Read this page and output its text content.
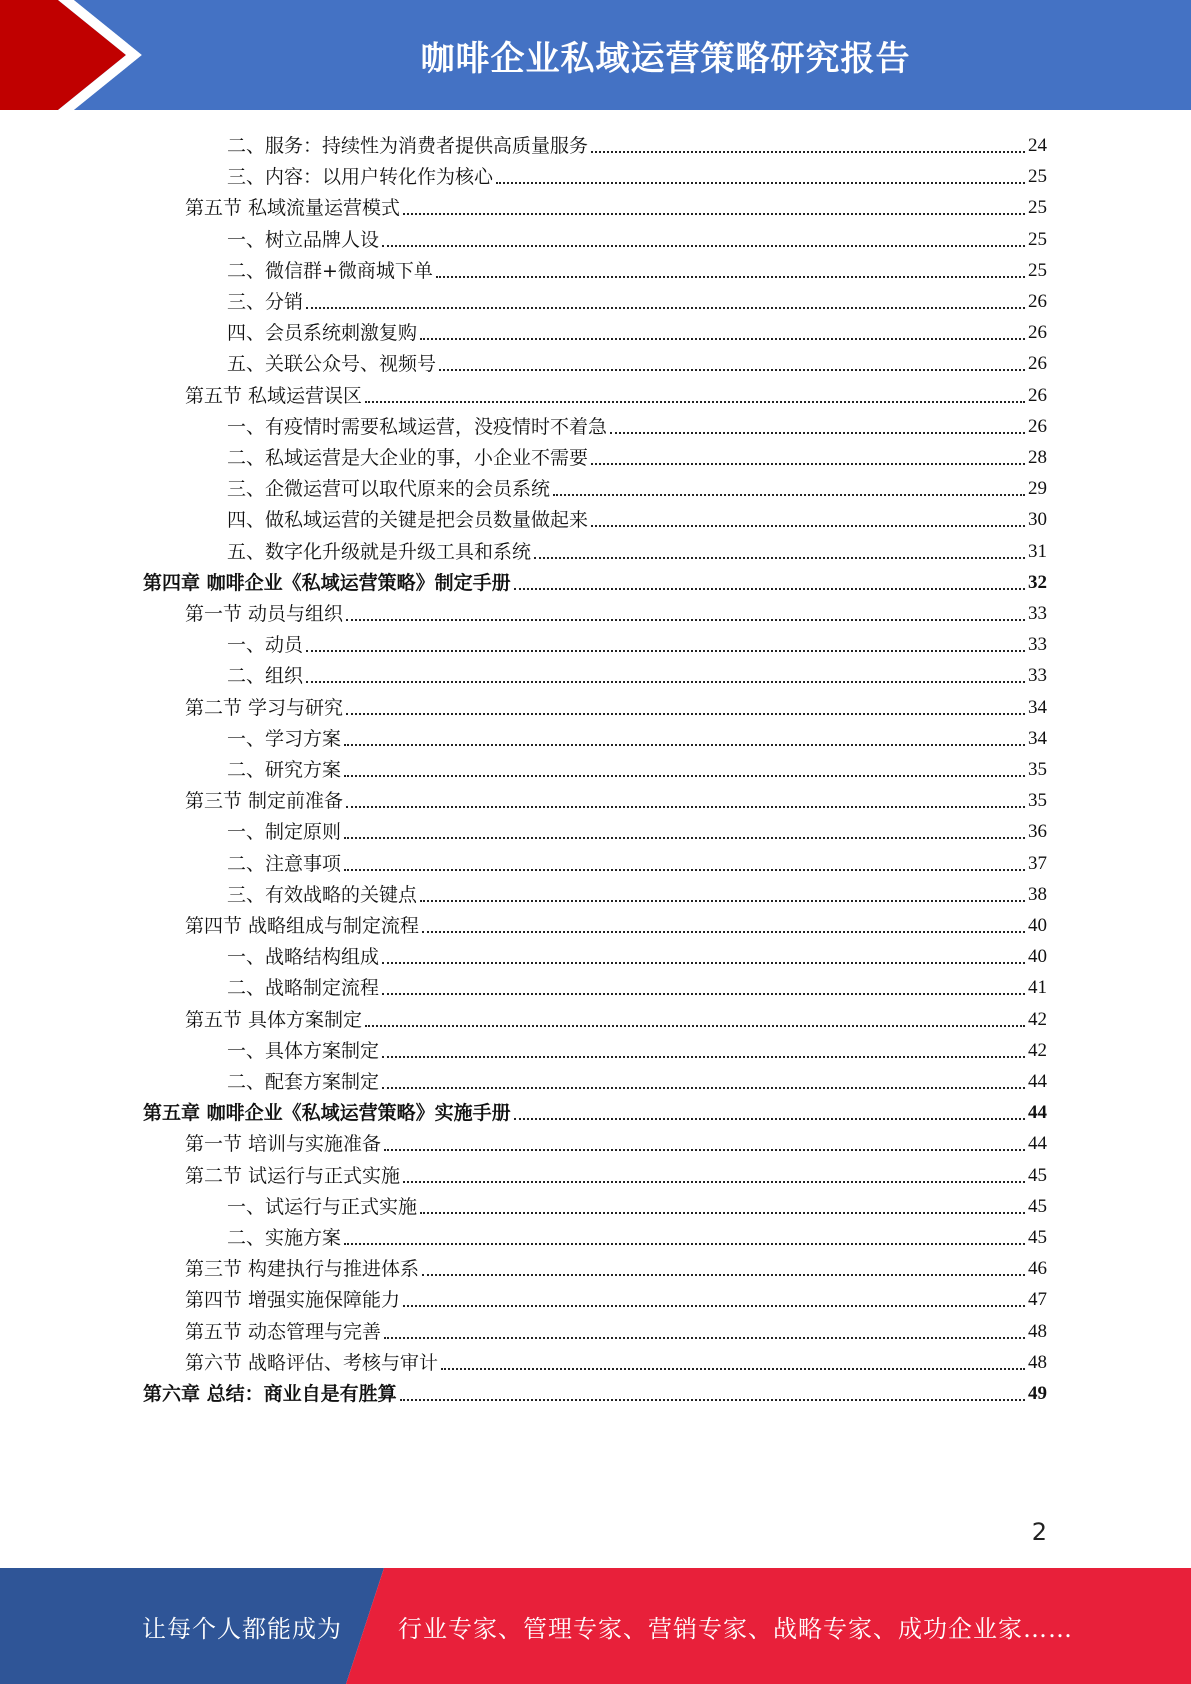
咖啡企业私域运营策略研究报告
二、服务：持续性为消费者提供高质量服务	24
三、内容：以用户转化作为核心	25
第五节 私域流量运营模式	25
一、树立品牌人设	25
二、微信群+微商城下单	25
三、分销	26
四、会员系统刺激复购	26
五、关联公众号、视频号	26
第五节 私域运营误区	26
一、有疫情时需要私域运营，没疫情时不着急	26
二、私域运营是大企业的事，小企业不需要	28
三、企微运营可以取代原来的会员系统	29
四、做私域运营的关键是把会员数量做起来	30
五、数字化升级就是升级工具和系统	31
第四章 咖啡企业《私域运营策略》制定手册	32
第一节 动员与组织	33
一、动员	33
二、组织	33
第二节 学习与研究	34
一、学习方案	34
二、研究方案	35
第三节 制定前准备	35
一、制定原则	36
二、注意事项	37
三、有效战略的关键点	38
第四节 战略组成与制定流程	40
一、战略结构组成	40
二、战略制定流程	41
第五节 具体方案制定	42
一、具体方案制定	42
二、配套方案制定	44
第五章 咖啡企业《私域运营策略》实施手册	44
第一节 培训与实施准备	44
第二节 试运行与正式实施	45
一、试运行与正式实施	45
二、实施方案	45
第三节 构建执行与推进体系	46
第四节 增强实施保障能力	47
第五节 动态管理与完善	48
第六节 战略评估、考核与审计	48
第六章 总结：商业自是有胜算	49
2
让每个人都能成为 行业专家、管理专家、营销专家、战略专家、成功企业家……
